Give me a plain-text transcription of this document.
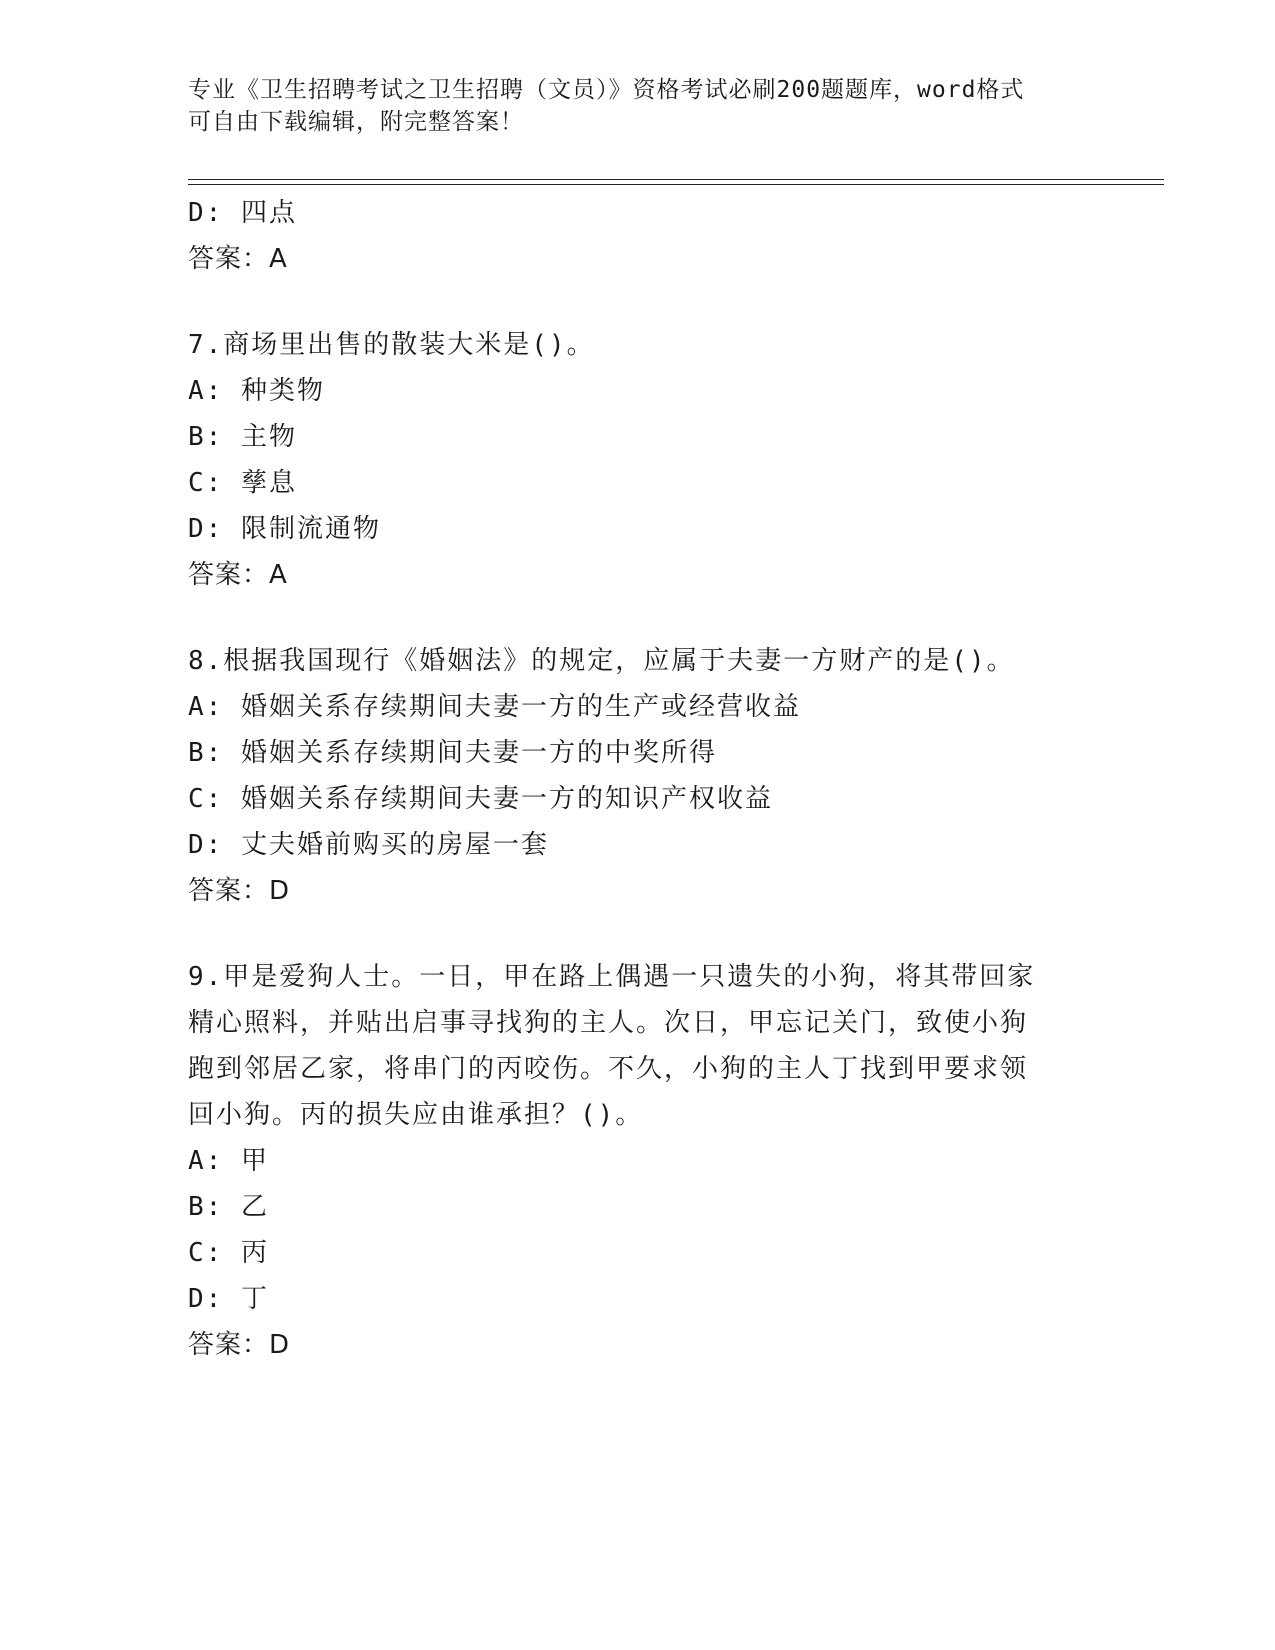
专业《卫生招聘考试之卫生招聘（文员）》资格考试必刷200题题库，word格式
可自由下载编辑，附完整答案！
D: 四点
答案：A
7.商场里出售的散装大米是()。
A: 种类物
B: 主物
C: 孳息
D: 限制流通物
答案：A
8.根据我国现行《婚姻法》的规定，应属于夫妻一方财产的是()。
A: 婚姻关系存续期间夫妻一方的生产或经营收益
B: 婚姻关系存续期间夫妻一方的中奖所得
C: 婚姻关系存续期间夫妻一方的知识产权收益
D: 丈夫婚前购买的房屋一套
答案：D
9.甲是爱狗人士。一日，甲在路上偶遇一只遗失的小狗，将其带回家
精心照料，并贴出启事寻找狗的主人。次日，甲忘记关门，致使小狗
跑到邻居乙家，将串门的丙咬伤。不久，小狗的主人丁找到甲要求领
回小狗。丙的损失应由谁承担？()。
A: 甲
B: 乙
C: 丙
D: 丁
答案：D
